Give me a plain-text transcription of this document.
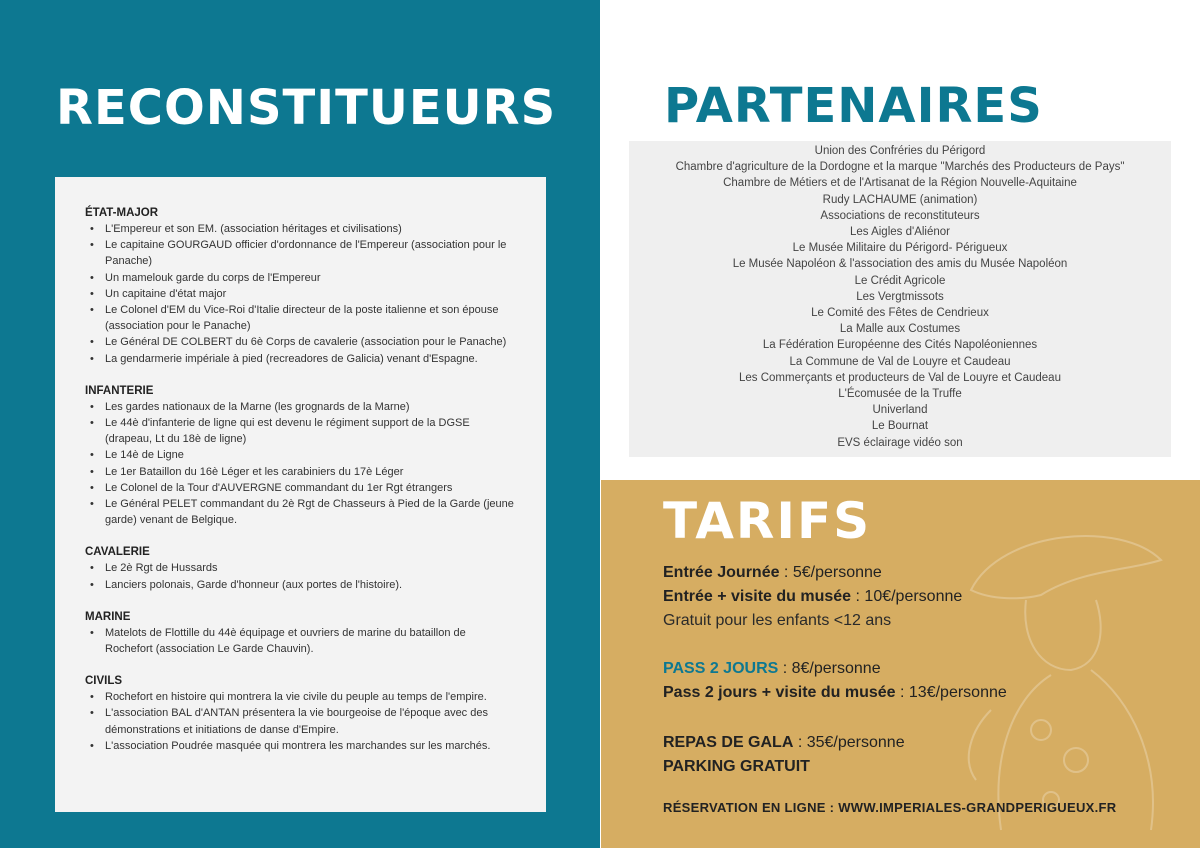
RECONSTITUEURS
ÉTAT-MAJOR
• L'Empereur et son EM. (association héritages et civilisations)
• Le capitaine GOURGAUD officier d'ordonnance de l'Empereur (association pour le Panache)
• Un mamelouk garde du corps de l'Empereur
• Un capitaine d'état major
• Le Colonel d'EM du Vice-Roi d'Italie directeur de la poste italienne et son épouse (association pour le Panache)
• Le Général DE COLBERT du 6è Corps de cavalerie (association pour le Panache)
• La gendarmerie impériale à pied (recreadores de Galicia) venant d'Espagne.
INFANTERIE
• Les gardes nationaux de la Marne (les grognards de la Marne)
• Le 44è d'infanterie de ligne qui est devenu le régiment support de la DGSE (drapeau, Lt du 18è de ligne)
• Le 14è de Ligne
• Le 1er Bataillon du 16è Léger et les carabiniers du 17è Léger
• Le Colonel de la Tour d'AUVERGNE commandant du 1er Rgt étrangers
• Le Général PELET commandant du 2è Rgt de Chasseurs à Pied de la Garde (jeune garde) venant de Belgique.
CAVALERIE
• Le 2è Rgt de Hussards
• Lanciers polonais, Garde d'honneur (aux portes de l'histoire).
MARINE
• Matelots de Flottille du 44è équipage et ouvriers de marine du bataillon de Rochefort (association Le Garde Chauvin).
CIVILS
• Rochefort en histoire qui montrera la vie civile du peuple au temps de l'empire.
• L'association BAL d'ANTAN présentera la vie bourgeoise de l'époque avec des démonstrations et initiations de danse d'Empire.
• L'association Poudrée masquée qui montrera les marchandes sur les marchés.
PARTENAIRES
Union des Confréries du Périgord
Chambre d'agriculture de la Dordogne et la marque "Marchés des Producteurs de Pays"
Chambre de Métiers et de l'Artisanat de la Région Nouvelle-Aquitaine
Rudy LACHAUME (animation)
Associations de reconstituteurs
Les Aigles d'Aliénor
Le Musée Militaire du Périgord- Périgueux
Le Musée Napoléon & l'association des amis du Musée Napoléon
Le Crédit Agricole
Les Vergtmissots
Le Comité des Fêtes de Cendrieux
La Malle aux Costumes
La Fédération Européenne des Cités Napoléoniennes
La Commune de Val de Louyre et Caudeau
Les Commerçants et producteurs de Val de Louyre et Caudeau
L'Écomusée de la Truffe
Univerland
Le Bournat
EVS éclairage vidéo son
TARIFS
Entrée Journée : 5€/personne
Entrée + visite du musée : 10€/personne
Gratuit pour les enfants <12 ans
PASS 2 JOURS : 8€/personne
Pass 2 jours + visite du musée : 13€/personne
REPAS DE GALA : 35€/personne
PARKING GRATUIT
RÉSERVATION EN LIGNE : WWW.IMPERIALES-GRANDPERIGUEUX.FR
